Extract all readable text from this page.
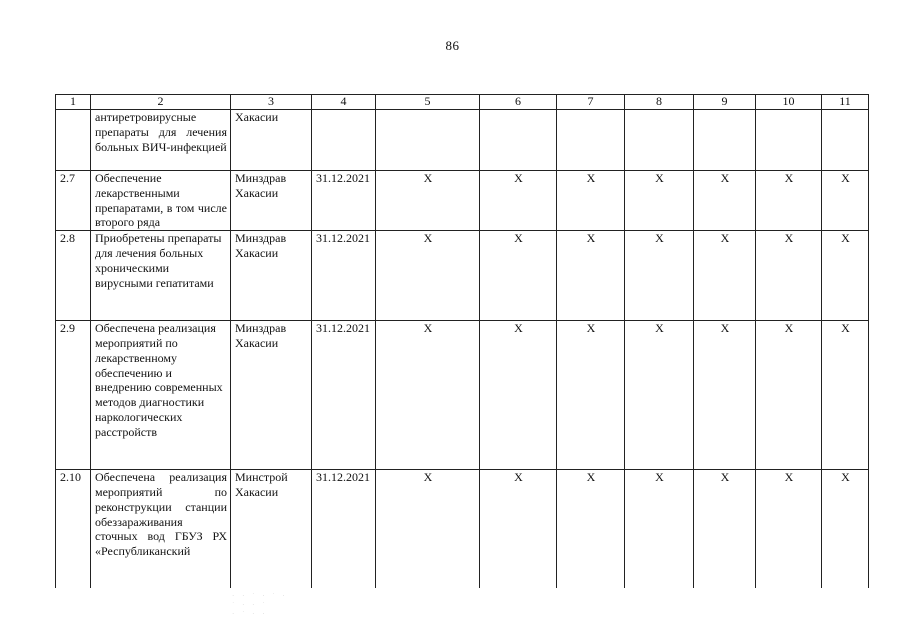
86
1	2	3	4	5	6	7	8	9	10	11
	антиретровирусные препараты для лечения больных ВИЧ-инфекцией	Хакасии								
2.7	Обеспечение лекарственными препаратами, в том числе второго ряда	Минздрав Хакасии	31.12.2021	X	X	X	X	X	X	X
2.8	Приобретены препараты для лечения больных хроническими вирусными гепатитами	Минздрав Хакасии	31.12.2021	X	X	X	X	X	X	X
2.9	Обеспечена реализация мероприятий по лекарственному обеспечению и внедрению современных методов диагностики наркологических расстройств	Минздрав Хакасии	31.12.2021	X	X	X	X	X	X	X
2.10	Обеспечена реализация мероприятий по реконструкции станции обеззараживания сточных вод ГБУЗ РХ «Республиканский	Минстрой Хакасии	31.12.2021	X	X	X	X	X	X	X
· · ˙ · ˙ ·
˙ · · ˙
· ˙ · ·
